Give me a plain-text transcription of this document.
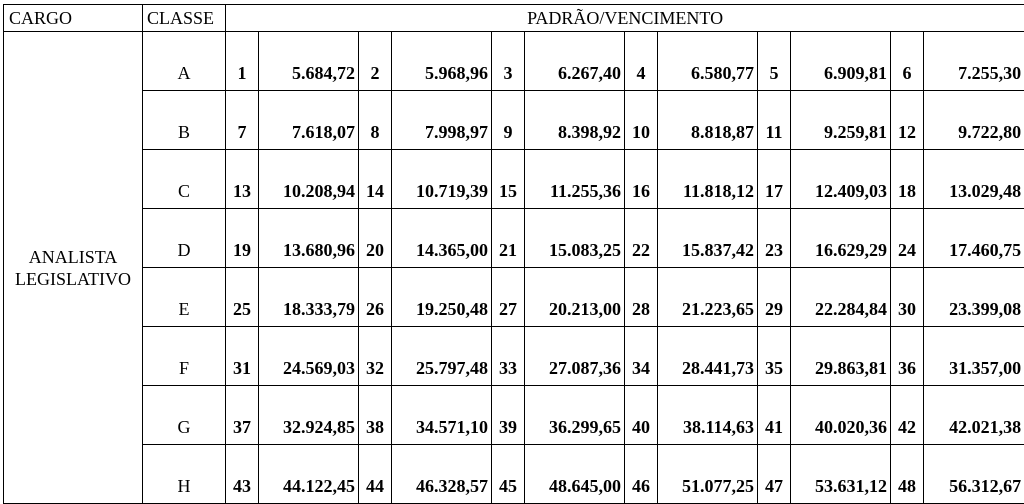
CARGO	CLASSE	PADRÃO/VENCIMENTO											

ANALISTA
LEGISLATIVO	A	1	5.684,72	2	5.968,96	3	6.267,40	4	6.580,77	5	6.909,81	6	7.255,30
	B	7	7.618,07	8	7.998,97	9	8.398,92	10	8.818,87	11	9.259,81	12	9.722,80
	C	13	10.208,94	14	10.719,39	15	11.255,36	16	11.818,12	17	12.409,03	18	13.029,48
	D	19	13.680,96	20	14.365,00	21	15.083,25	22	15.837,42	23	16.629,29	24	17.460,75
	E	25	18.333,79	26	19.250,48	27	20.213,00	28	21.223,65	29	22.284,84	30	23.399,08
	F	31	24.569,03	32	25.797,48	33	27.087,36	34	28.441,73	35	29.863,81	36	31.357,00
	G	37	32.924,85	38	34.571,10	39	36.299,65	40	38.114,63	41	40.020,36	42	42.021,38
	H	43	44.122,45	44	46.328,57	45	48.645,00	46	51.077,25	47	53.631,12	48	56.312,67
